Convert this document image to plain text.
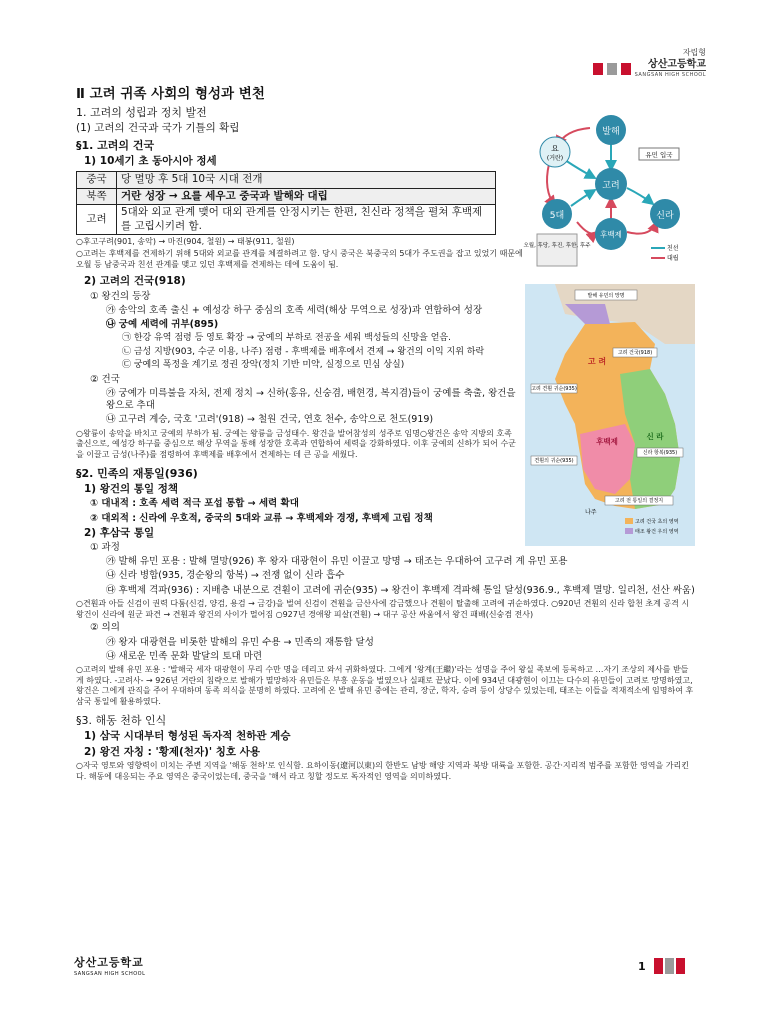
자립형
상산고등학교
SANGSAN HIGH SCHOOL
Ⅱ 고려 귀족 사회의 형성과 변천
1. 고려의 성립과 정치 발전
(1) 고려의 건국과 국가 기틀의 확립
§1. 고려의 건국
1) 10세기 초 동아시아 정세
중국	당 멸망 후 5대 10국 시대 전개
북쪽	거란 성장 → 요를 세우고 중국과 발해와 대립
고려	5대와 외교 관계 맺어 대외 관계를 안정시키는 한편, 친신라 정책을 펼쳐 후백제를 고립시키려 함.
○후고구려(901, 송악) → 마진(904, 철원) → 태봉(911, 철원)
○고려는 후백제를 견제하기 위해 5대와 외교를 관계를 체결하려고 함. 당시 중국은 북중국의 5대가 주도권을 잡고 있었기 때문에 오월 등 남중국과 친선 관계를 맺고 있던 후백제를 견제하는 데에 도움이 됨.
2) 고려의 건국(918)
① 왕건의 등장
㉮ 송악의 호족 출신 + 예성강 하구 중심의 호족 세력(해상 무역으로 성장)과 연합하여 성장
㉯ 궁예 세력에 귀부(895)
㉠ 한강 유역 점령 등 영토 확장 → 궁예의 부하로 전공을 세워 백성들의 신망을 얻음.
㉡ 금성 지방(903, 수군 이용, 나주) 점령 - 후백제를 배후에서 견제 → 왕건의 이익 지위 하락
㉢ 궁예의 폭정을 계기로 정권 장악(정치 기반 미약, 실정으로 민심 상실)
② 건국
㉮ 궁예가 미륵불을 자처, 전제 정치 → 신하(홍유, 신숭겸, 배현경, 복지겸)들이 궁예를 축출, 왕건을 왕으로 추대
㉯ 고구려 계승, 국호 '고려'(918) → 철원 건국, 연호 천수, 송악으로 천도(919)
○왕륭이 송악을 바치고 궁예의 부하가 됨. 궁예는 왕륭을 금성태수. 왕건을 발어참성의 성주로 임명○왕건은 송악 지방의 호족 출신으로, 예성강 하구를 중심으로 해상 무역을 통해 성장한 호족과 연합하여 세력을 강화하였다. 이후 궁예의 신하가 되어 수군을 이끌고 금성(나주)를 점령하여 후백제를 배후에서 견제하는 데 큰 공을 세웠다.
§2. 민족의 재통일(936)
1) 왕건의 통일 정책
① 대내적 : 호족 세력 적극 포섭 통합 → 세력 확대
② 대외적 : 신라에 우호적, 중국의 5대와 교류 → 후백제와 경쟁, 후백제 고립 정책
2) 후삼국 통일
① 과정
㉮ 발해 유민 포용 : 발해 멸망(926) 후 왕자 대광현이 유민 이끌고 망명 → 태조는 우대하여 고구려 계 유민 포용
㉯ 신라 병합(935, 경순왕의 항복) → 전쟁 없이 신라 흡수
㉰ 후백제 격파(936) : 지배층 내분으로 견훤이 고려에 귀순(935) → 왕건이 후백제 격파해 통일 달성(936.9., 후백제 멸망. 일리천, 선산 싸움)
○견훤과 아들 신검이 권력 다툼(신검, 양검, 용검 → 금강)을 벌여 신검이 견훤을 금산사에 감금했으나 견훤이 탈출해 고려에 귀순하였다. ○920년 견훤의 신라 합천 초계 공격 시 왕건이 신라에 원군 파견 → 견훤과 왕건의 사이가 멀어짐 ○927년 경애왕 피살(견훤) → 대구 공산 싸움에서 왕건 패배(신숭겸 전사)
② 의의
㉮ 왕자 대광현을 비롯한 발해의 유민 수용 → 민족의 재통합 달성
㉯ 새로운 민족 문화 발달의 토대 마련
○고려의 발해 유민 포용 : '발해국 세자 대광현이 무리 수만 명을 데리고 와서 귀화하였다. 그에게 '왕계(王繼)'라는 성명을 주어 왕실 족보에 등록하고 …자기 조상의 제사를 받들게 하였다. -고려사- → 926년 거란의 침략으로 발해가 멸망하자 유민들은 부흥 운동을 벌였으나 실패로 끝났다. 이에 934년 대광현이 이끄는 다수의 유민들이 고려로 망명하였고, 왕건은 그에게 관직을 주어 우대하며 동족 의식을 분명히 하였다. 고려에 온 발해 유민 중에는 관리, 장군, 학자, 승려 등이 상당수 있었는데, 태조는 이들을 적재적소에 임명하여 후삼국 통일에 활용하였다.
§3. 해동 천하 인식
1) 삼국 시대부터 형성된 독자적 천하관 계승
2) 왕건 자칭 : '황제(천자)' 칭호 사용
○자국 영토와 영향력이 미치는 주변 지역을 '해동 천하'로 인식함. 요하이동(遼河以東)의 한반도 남방 해양 지역과 북방 대륙을 포함한. 공간·지리적 범주를 포함한 영역을 가리킨다. 해동에 대응되는 주요 영역은 중국이었는데, 중국을 '해서 라고 칭할 정도로 독자적인 영역을 의미하였다.
발해
요
(거란)
고려
5대	신라
후백제
유민 입국
오월, 후당, 후진, 후한, 후주	친선
대립
발해 유민의 망명
고 려
고려 건국(918)
후백제
신 라
신라 항복(935)
고려 견훤 귀순(935)
견훤의 귀순(935)
고려 전 통일의 결정지
나주
고려 건국 초의 영역
태조 왕건 우의 영역
상산고등학교
SANGSAN HIGH SCHOOL
1
